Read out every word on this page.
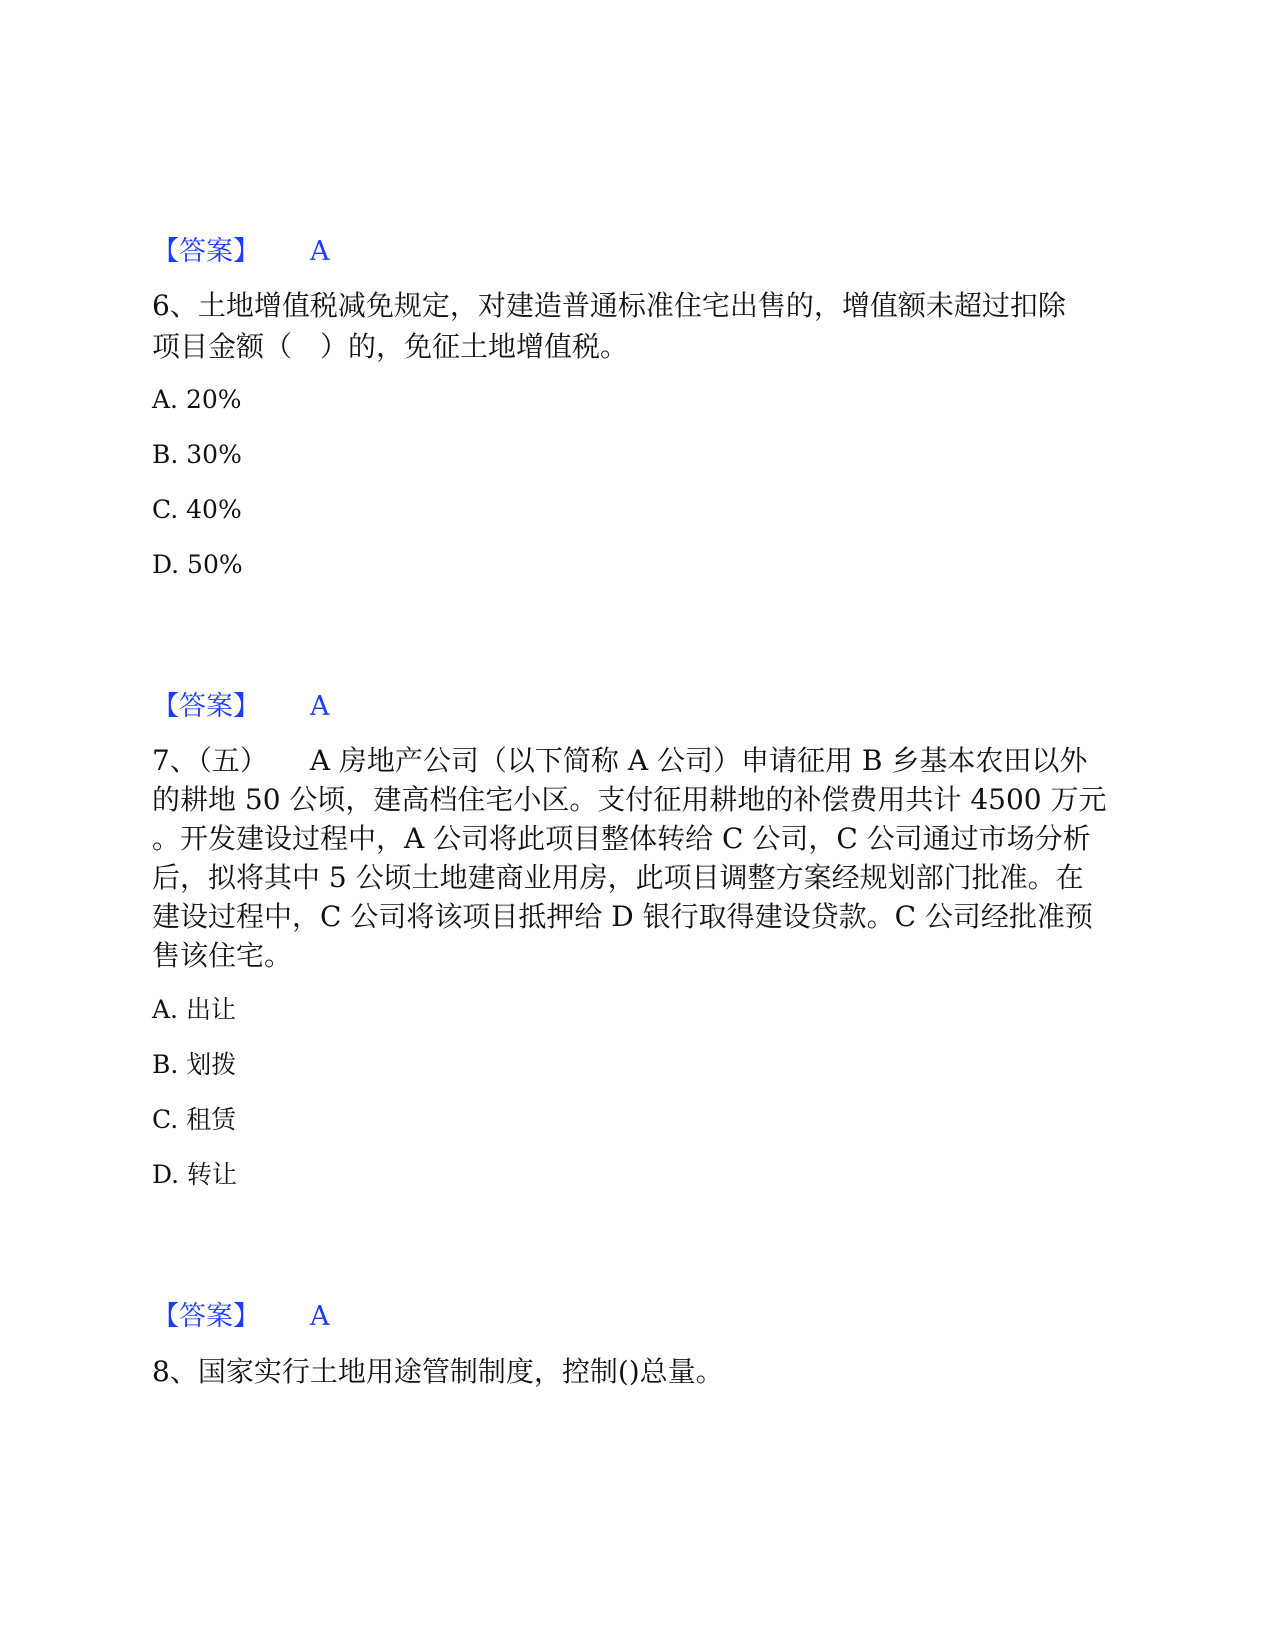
【答案】 A
6、土地增值税减免规定，对建造普通标准住宅出售的，增值额未超过扣除
项目金额（　）的，免征土地增值税。
A. 20%
B. 30%
C. 40%
D. 50%
【答案】 A
7、（五）　　A 房地产公司（以下简称 A 公司）申请征用 B 乡基本农田以外
的耕地 50 公顷，建高档住宅小区。支付征用耕地的补偿费用共计 4500 万元
。开发建设过程中，A 公司将此项目整体转给 C 公司，C 公司通过市场分析
后，拟将其中 5 公顷土地建商业用房，此项目调整方案经规划部门批准。在
建设过程中，C 公司将该项目抵押给 D 银行取得建设贷款。C 公司经批准预
售该住宅。
A. 出让
B. 划拨
C. 租赁
D. 转让
【答案】 A
8、国家实行土地用途管制制度，控制()总量。
